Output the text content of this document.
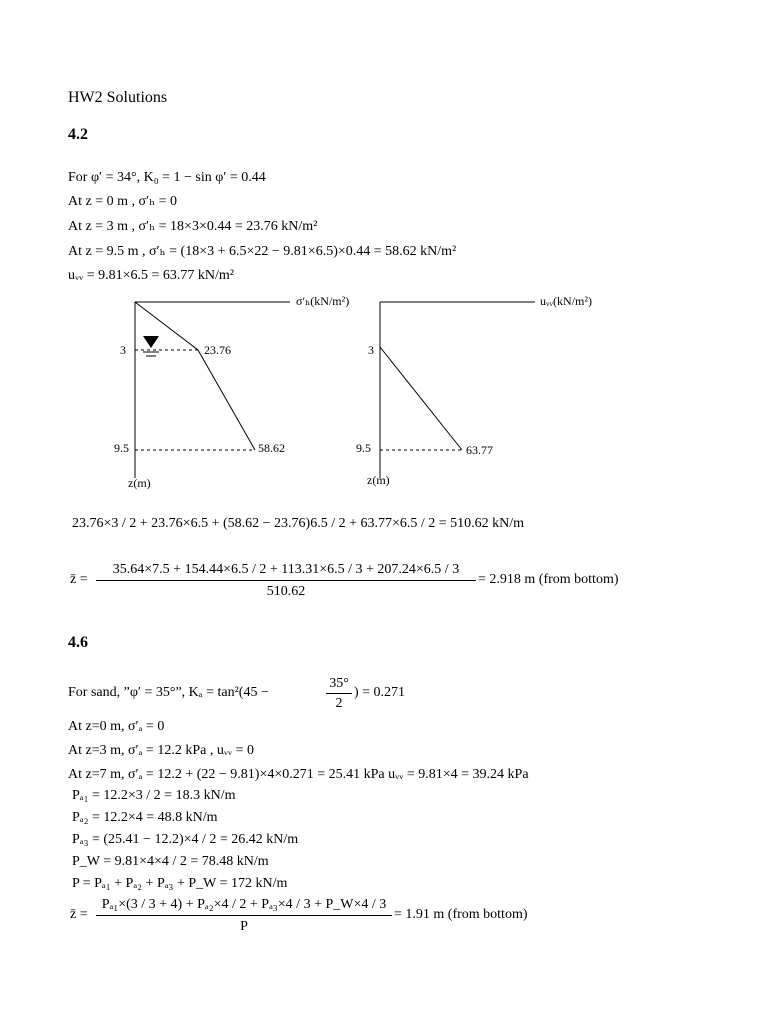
HW2 Solutions
4.2
For φ′ = 34°, K₀ = 1 − sin φ′ = 0.44
At z = 0 m , σ′ₕ = 0
At z = 3 m , σ′ₕ = 18×3×0.44 = 23.76 kN/m²
At z = 9.5 m , σ′ₕ = (18×3 + 6.5×22 − 9.81×6.5)×0.44 = 58.62 kN/m²
uᵥᵥ = 9.81×6.5 = 63.77 kN/m²
σ′ₕ(kN/m²)
3
9.5
23.76
58.62
z(m)
uᵥᵥ(kN/m²)
3
9.5	63.77
z(m)
23.76×3 / 2 + 23.76×6.5 + (58.62 − 23.76)6.5 / 2 + 63.77×6.5 / 2 = 510.62 kN/m
z̄ =
35.64×7.5 + 154.44×6.5 / 2 + 113.31×6.5 / 3 + 207.24×6.5 / 3
510.62
= 2.918 m (from bottom)
4.6
For sand, ”φ′ = 35°”, Kₐ = tan²(45 −
35°
2
) = 0.271
At z=0 m, σ′ₐ = 0
At z=3 m, σ′ₐ = 12.2 kPa , uᵥᵥ = 0
At z=7 m, σ′ₐ = 12.2 + (22 − 9.81)×4×0.271 = 25.41 kPa uᵥᵥ = 9.81×4 = 39.24 kPa
Pₐ₁ = 12.2×3 / 2 = 18.3 kN/m
Pₐ₂ = 12.2×4 = 48.8 kN/m
Pₐ₃ = (25.41 − 12.2)×4 / 2 = 26.42 kN/m
P_W = 9.81×4×4 / 2 = 78.48 kN/m
P = Pₐ₁ + Pₐ₂ + Pₐ₃ + P_W = 172 kN/m
z̄ =
Pₐ₁×(3 / 3 + 4) + Pₐ₂×4 / 2 + Pₐ₃×4 / 3 + P_W×4 / 3
P
= 1.91 m (from bottom)
